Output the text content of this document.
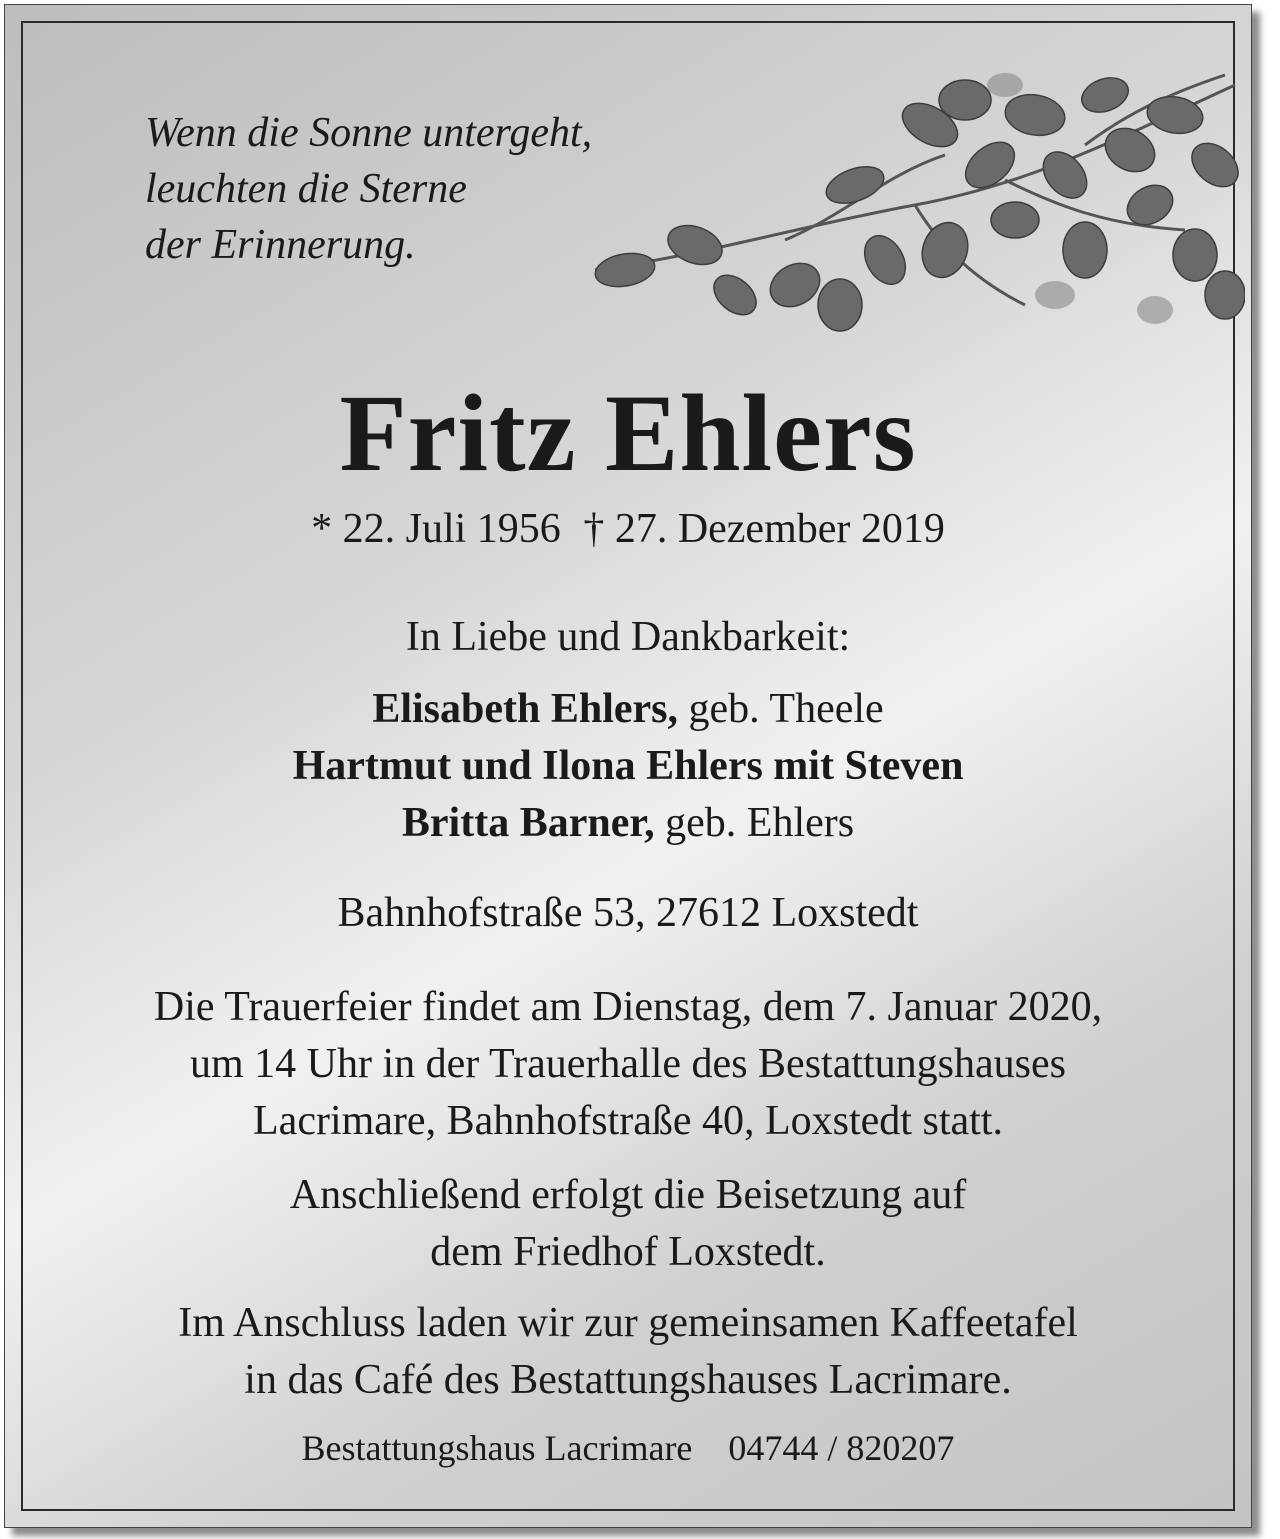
Wenn die Sonne untergeht,
leuchten die Sterne
der Erinnerung.
Fritz Ehlers
* 22. Juli 1956 † 27. Dezember 2019
In Liebe und Dankbarkeit:
Elisabeth Ehlers, geb. Theele
Hartmut und Ilona Ehlers mit Steven
Britta Barner, geb. Ehlers
Bahnhofstraße 53, 27612 Loxstedt
Die Trauerfeier findet am Dienstag, dem 7. Januar 2020,
um 14 Uhr in der Trauerhalle des Bestattungshauses
Lacrimare, Bahnhofstraße 40, Loxstedt statt.
Anschließend erfolgt die Beisetzung auf
dem Friedhof Loxstedt.
Im Anschluss laden wir zur gemeinsamen Kaffeetafel
in das Café des Bestattungshauses Lacrimare.
Bestattungshaus Lacrimare 04744 / 820207
